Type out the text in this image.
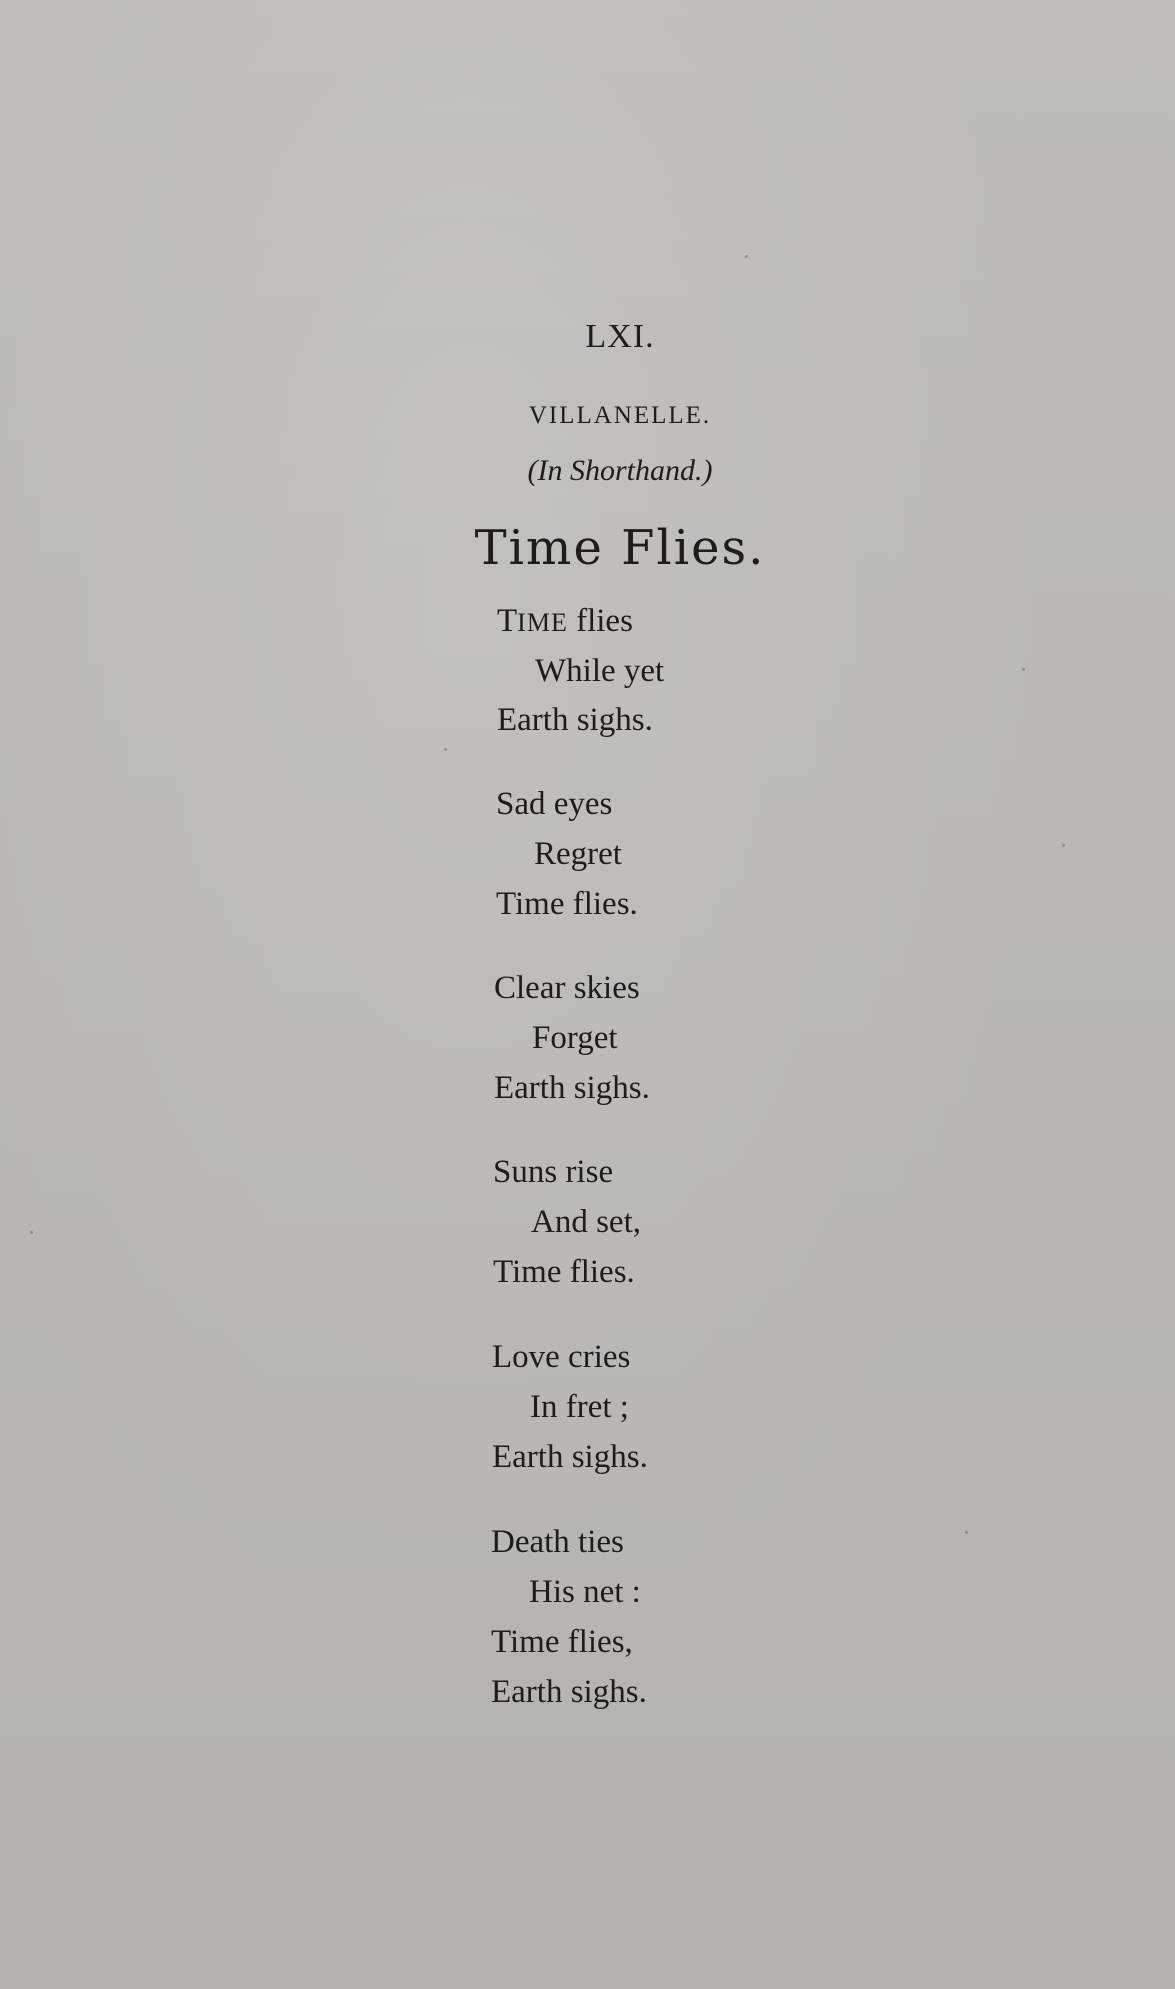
LXI.
VILLANELLE.
(In Shorthand.)
Time Flies.
TIME flies
While yet
Earth sighs.
Sad eyes
Regret
Time flies.
Clear skies
Forget
Earth sighs.
Suns rise
And set,
Time flies.
Love cries
In fret ;
Earth sighs.
Death ties
His net :
Time flies,
Earth sighs.
